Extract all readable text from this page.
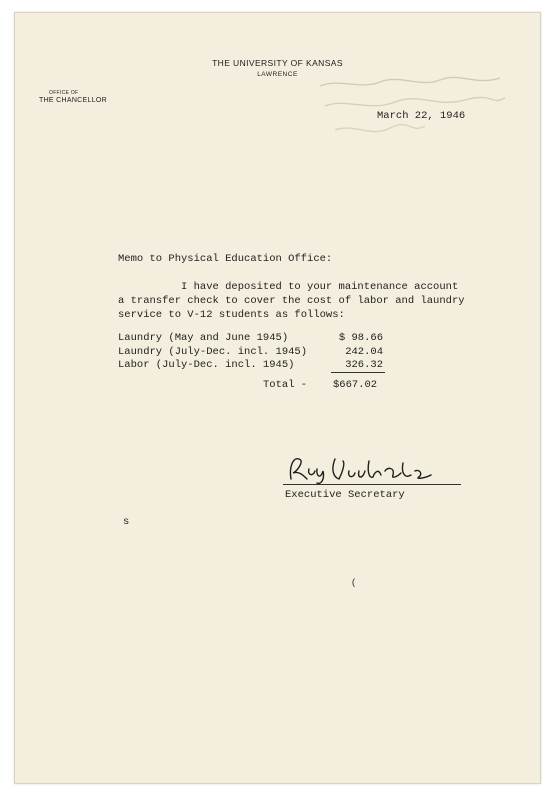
THE UNIVERSITY OF KANSAS
LAWRENCE
OFFICE OF
THE CHANCELLOR
March 22, 1946
Memo to Physical Education Office:
I have deposited to your maintenance account
a transfer check to cover the cost of labor and laundry
service to V-12 students as follows:
Laundry (May and June 1945)	$ 98.66
Laundry (July-Dec. incl. 1945)	242.04
Labor (July-Dec. incl. 1945)	326.32
Total - $667.02
Executive Secretary
s
(
